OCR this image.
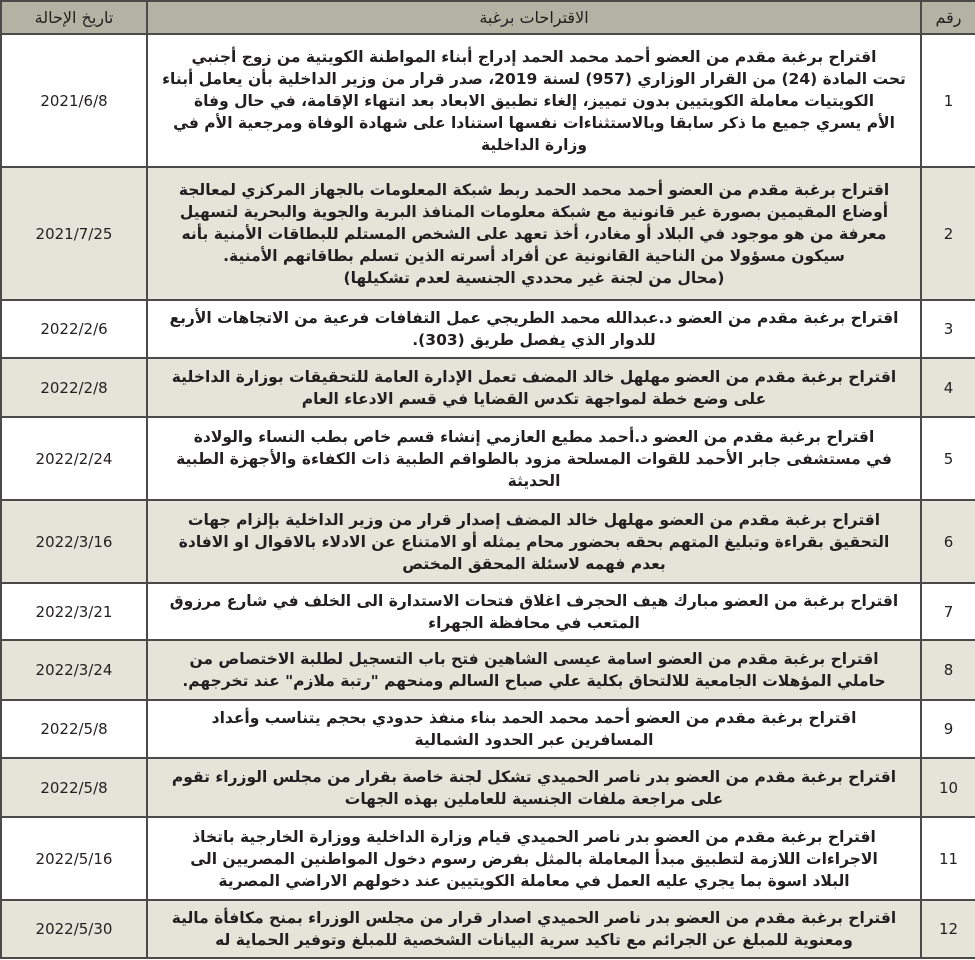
رقم	الاقتراحات برغبة	تاريخ الإحالة
1	اقتراح برغبة مقدم من العضو أحمد محمد الحمد إدراج أبناء المواطنة الكويتية من زوج أجنبي
تحت المادة (24) من القرار الوزاري (957) لسنة 2019، صدر قرار من وزير الداخلية بأن يعامل أبناء
الكويتيات معاملة الكويتيين بدون تمييز، إلغاء تطبيق الابعاد بعد انتهاء الإقامة، في حال وفاة
الأم يسري جميع ما ذكر سابقا وبالاستثناءات نفسها استنادا على شهادة الوفاة ومرجعية الأم في
وزارة الداخلية	2021/6/8
2	اقتراح برغبة مقدم من العضو أحمد محمد الحمد ربط شبكة المعلومات بالجهاز المركزي لمعالجة
أوضاع المقيمين بصورة غير قانونية مع شبكة معلومات المنافذ البرية والجوية والبحرية لتسهيل
معرفة من هو موجود في البلاد أو مغادر، أخذ تعهد على الشخص المستلم للبطاقات الأمنية بأنه
سيكون مسؤولا من الناحية القانونية عن أفراد أسرته الذين تسلم بطاقاتهم الأمنية.
(محال من لجنة غير محددي الجنسية لعدم تشكيلها)	2021/7/25
3	اقتراح برغبة مقدم من العضو د.عبدالله محمد الطريجي عمل التفافات فرعية من الاتجاهات الأربع
للدوار الذي يفصل طريق (303).	2022/2/6
4	اقتراح برغبة مقدم من العضو مهلهل خالد المضف تعمل الإدارة العامة للتحقيقات بوزارة الداخلية
على وضع خطة لمواجهة تكدس القضايا في قسم الادعاء العام	2022/2/8
5	اقتراح برغبة مقدم من العضو د.أحمد مطيع العازمي إنشاء قسم خاص بطب النساء والولادة
في مستشفى جابر الأحمد للقوات المسلحة مزود بالطواقم الطبية ذات الكفاءة والأجهزة الطبية
الحديثة	2022/2/24
6	اقتراح برغبة مقدم من العضو مهلهل خالد المضف إصدار قرار من وزير الداخلية بإلزام جهات
التحقيق بقراءة وتبليغ المتهم بحقه بحضور محام يمثله أو الامتناع عن الادلاء بالاقوال او الافادة
بعدم فهمه لاسئلة المحقق المختص	2022/3/16
7	اقتراح برغبة من العضو مبارك هيف الحجرف اغلاق فتحات الاستدارة الى الخلف في شارع مرزوق
المتعب في محافظة الجهراء	2022/3/21
8	اقتراح برغبة مقدم من العضو اسامة عيسى الشاهين فتح باب التسجيل لطلبة الاختصاص من
حاملي المؤهلات الجامعية للالتحاق بكلية علي صباح السالم ومنحهم "رتبة ملازم" عند تخرجهم.	2022/3/24
9	اقتراح برغبة مقدم من العضو أحمد محمد الحمد بناء منفذ حدودي بحجم يتناسب وأعداد
المسافرين عبر الحدود الشمالية	2022/5/8
10	اقتراح برغبة مقدم من العضو بدر ناصر الحميدي تشكل لجنة خاصة بقرار من مجلس الوزراء تقوم
على مراجعة ملفات الجنسية للعاملين بهذه الجهات	2022/5/8
11	اقتراح برغبة مقدم من العضو بدر ناصر الحميدي قيام وزارة الداخلية ووزارة الخارجية باتخاذ
الاجراءات اللازمة لتطبيق مبدأ المعاملة بالمثل بفرض رسوم دخول المواطنين المصريين الى
البلاد اسوة بما يجري عليه العمل في معاملة الكويتيين عند دخولهم الاراضي المصرية	2022/5/16
12	اقتراح برغبة مقدم من العضو بدر ناصر الحميدي اصدار قرار من مجلس الوزراء بمنح مكافأة مالية
ومعنوية للمبلغ عن الجرائم مع تاكيد سرية البيانات الشخصية للمبلغ وتوفير الحماية له	2022/5/30
